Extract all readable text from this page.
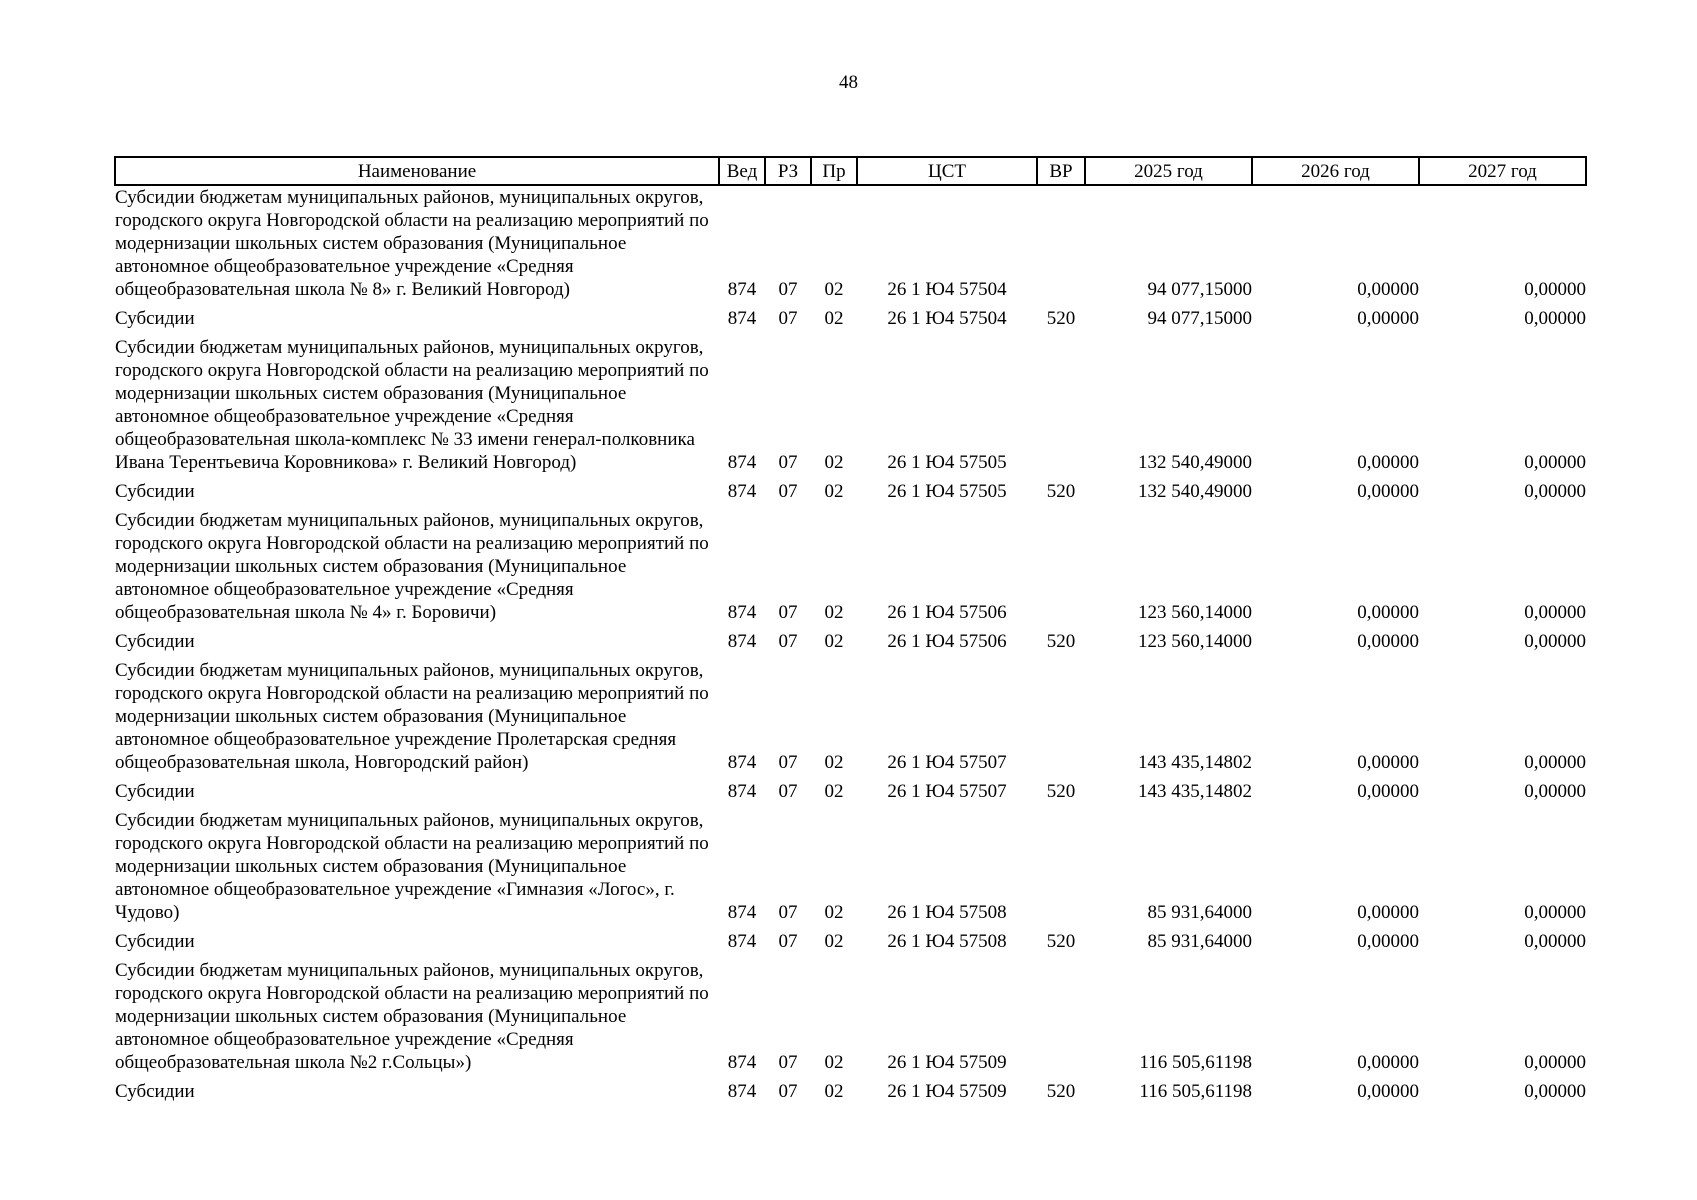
48
Наименование	Вед	РЗ	Пр	ЦСТ	ВР	2025 год	2026 год	2027 год
Субсидии бюджетам муниципальных районов, муниципальных округов, городского округа Новгородской области на реализацию мероприятий по модернизации школьных систем образования (Муниципальное автономное общеобразовательное учреждение «Средняя общеобразовательная школа № 8» г. Великий Новгород)	874	07	02	26 1 Ю4 57504		94 077,15000	0,00000	0,00000
Субсидии	874	07	02	26 1 Ю4 57504	520	94 077,15000	0,00000	0,00000
Субсидии бюджетам муниципальных районов, муниципальных округов, городского округа Новгородской области на реализацию мероприятий по модернизации школьных систем образования (Муниципальное автономное общеобразовательное учреждение «Средняя общеобразовательная школа-комплекс № 33 имени генерал-полковника Ивана Терентьевича Коровникова» г. Великий Новгород)	874	07	02	26 1 Ю4 57505		132 540,49000	0,00000	0,00000
Субсидии	874	07	02	26 1 Ю4 57505	520	132 540,49000	0,00000	0,00000
Субсидии бюджетам муниципальных районов, муниципальных округов, городского округа Новгородской области на реализацию мероприятий по модернизации школьных систем образования (Муниципальное автономное общеобразовательное учреждение «Средняя общеобразовательная школа № 4» г. Боровичи)	874	07	02	26 1 Ю4 57506		123 560,14000	0,00000	0,00000
Субсидии	874	07	02	26 1 Ю4 57506	520	123 560,14000	0,00000	0,00000
Субсидии бюджетам муниципальных районов, муниципальных округов, городского округа Новгородской области на реализацию мероприятий по модернизации школьных систем образования (Муниципальное автономное общеобразовательное учреждение Пролетарская средняя общеобразовательная школа, Новгородский район)	874	07	02	26 1 Ю4 57507		143 435,14802	0,00000	0,00000
Субсидии	874	07	02	26 1 Ю4 57507	520	143 435,14802	0,00000	0,00000
Субсидии бюджетам муниципальных районов, муниципальных округов, городского округа Новгородской области на реализацию мероприятий по модернизации школьных систем образования (Муниципальное автономное общеобразовательное учреждение «Гимназия «Логос», г. Чудово)	874	07	02	26 1 Ю4 57508		85 931,64000	0,00000	0,00000
Субсидии	874	07	02	26 1 Ю4 57508	520	85 931,64000	0,00000	0,00000
Субсидии бюджетам муниципальных районов, муниципальных округов, городского округа Новгородской области на реализацию мероприятий по модернизации школьных систем образования (Муниципальное автономное общеобразовательное учреждение «Средняя общеобразовательная школа №2 г.Сольцы»)	874	07	02	26 1 Ю4 57509		116 505,61198	0,00000	0,00000
Субсидии	874	07	02	26 1 Ю4 57509	520	116 505,61198	0,00000	0,00000
